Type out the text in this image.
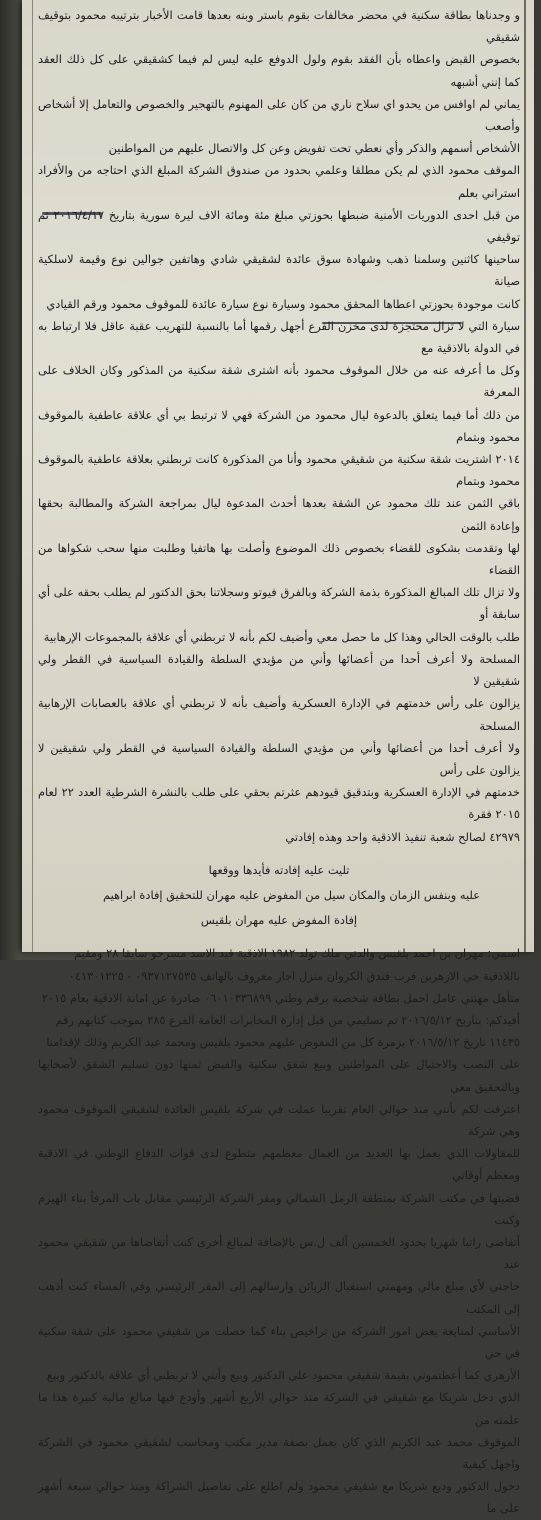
و وجدناها بطاقة سكنية في محضر مخالفات بقوم باستر وبنه بعدها قامت الأخبار بترتيبه محمود بتوقيف شقيقي

بخصوص القبض واعطاه بأن الفقد بقوم ولول الدوفع عليه ليس لم فيما كشقيقي على كل ذلك العقد كما إنني أشبهه

يماني لم اوافس من يحدو اي سلاح ناري من كان على المهنوم بالتهجير والخصوص والتعامل إلا أشخاص وأصعب

الأشخاص أسمهم والذكر وأي نعطي تحت تفويض وعن كل والاتصال عليهم من المواطنين

الموقف محمود الذي لم يكن مطلقا وعلمي بحدود من صندوق الشركة المبلغ الذي احتاجه من والأفراد استراني بعلم

من قبل احدى الدوريات الأمنية ضبطها بحوزتي مبلغ مئة ومائة الاف ليرة سورية بتاريخ ٢٠١٦/٤/١٧ ثم توقيفي

ساحينها كاثنين وسلمنا ذهب وشهادة سوق عائدة لشقيقي شادي وهاتفين جوالين نوع وقيمة لاسلكية صيانة

كانت موجودة بحوزتي اعطاها المحقق محمود وسيارة نوع سيارة عائدة للموقوف محمود ورقم القيادي

سيارة التي لا تزال محتجزة لدى مخزن الفرع أجهل رقمها أما بالنسبة للتهريب عقبة عاقل فلا ارتباط به في الدولة بالاذقية مع

وكل ما أعرفه عنه من خلال الموقوف محمود بأنه اشترى شقة سكنية من المذكور وكان الخلاف على المعرفة

من ذلك أما فيما يتعلق بالدعوة ليال محمود من الشركة فهي لا ترتبط بي أي علاقة عاطفية بالموقوف محمود وبتمام

٢٠١٤ اشتريت شقة سكنية من شقيقي محمود وأنا من المذكورة كانت تربطني بعلاقة عاطفية بالموقوف محمود وبتمام

باقي الثمن عند تلك محمود عن الشقة بعدها أحدث المدعوة ليال بمراجعة الشركة والمطالبة بحقها وإعادة الثمن

لها وتقدمت بشكوى للقضاء بخصوص ذلك الموضوع وأصلت بها هاتفيا وطلبت منها سحب شكواها من القضاء

ولا تزال تلك المبالغ المذكورة بذمة الشركة وبالفرق فيوتو وسجلاتنا بحق الدكتور لم يطلب بحقه على أي سابقة أو

طلب بالوقت الحالي وهذا كل ما حصل معي وأضيف لكم بأنه لا تربطني أي علاقة بالمجموعات الإرهابية

المسلحة ولا أعرف أحدا من أعضائها وأني من مؤيدي السلطة والقيادة السياسية في القطر ولي شقيقين لا

يزالون على رأس خدمتهم في الإدارة العسكرية وأضيف بأنه لا تربطني أي علاقة بالعصابات الإرهابية المسلحة

ولا أعرف أحدا من أعضائها وأني من مؤيدي السلطة والقيادة السياسية في القطر ولي شقيقين لا يزالون على رأس

خدمتهم في الإدارة العسكرية وبتدقيق قيودهم عثرتم بحقي على طلب بالنشرة الشرطية العدد ٢٢ لعام ٢٠١٥ فقرة

٤٢٩٧٩ لصالح شعبة تنفيذ الاذقية واحد وهذه إفادتي

تليت عليه إفادته فأيدها ووقعها

عليه وبنفس الزمان والمكان سيل من المفوض عليه مهران للتحقيق إفادة ابراهيم

إفادة المفوض عليه مهران بلقيس

اسمي: مهران بن احمد بلقيس والدتي ملك تولد ١٩٨٢ الاذقية قيد الاسد مسرحو سابقا ٢٨ ومقيم

باللاذقية حي الازهرين قرب فندق الكروان منزل اجار معروف بالهاتف ٠٩٣٧١٢٧٥٣٥ - ٠٤١٣٠١٢٢٥

متأهل مهنتي عامل احمل بطاقة شخصية برقم وطني ٠٦٠١٠٣٣٦٨٩٩ صادرة عن امانة الاذقية بعام ٢٠١٥

أفيدكم: بتاريخ ٢٠١٦/٥/١٢ تم تسليمي من قبل إدارة المخابرات العامة الفرع ٢٨٥ بموجب كتابهم رقم

١١٤٣٥ تاريخ ٢٠١٦/٥/١٢ بزمرة كل من المفوض عليهم محمود بلقيس ومحمد عبد الكريم وذلك لإقدامنا

على النصب والاحتيال على المواطنين وبيع شقق سكنية والقبض ثمنها دون تسليم الشقق لأصحابها وبالتحقيق معي

اعترفت لكم بأنني منذ حوالي العام تقريبا عملت في شركة بلقيس العائدة لشقيقي الموقوف محمود وهي شركة

للمقاولات الذي يعمل بها العديد من العمال معظمهم متطوع لدى قوات الدفاع الوطني في الاذقية ومعظم أوقاتي

قضيتها في مكتب الشركة بمنطقة الرمل الشمالي ومقر الشركة الرئيسي مقابل باب المرفأ بناء الهيرم وكنت

أتقاضى راتبا شهريا بحدود الخمسين ألف ل.س بالإضافة لمبالغ أخرى كنت أتقاضاها من شقيقي محمود عند

حاجتي لأي مبلغ مالي ومهمتي استقبال الزبائن وارسالهم إلى المقر الرئيسي وفي المساء كنت أذهب إلى المكتب

الأساسي لمتابعة بعض امور الشركة من تراخيص بناء كما حصلت من شقيقي محمود على شقة سكنية في حي

الأزهري كما أعطتموني بقيمة شقيقي محمود على الدكتور وبيع وأنني لا تربطني أي علاقة بالدكتور وبيع

الذي دخل شريكا مع شقيقي في الشركة منذ حوالي الأربع أشهر وأودع فيها مبالغ مالية كبيرة هذا ما علمته من

الموقوف محمد عبد الكريم الذي كان يعمل بصفة مدير مكتب ومحاسب لشقيقي محمود في الشركة واجهل كيفية

دخول الدكتور وديع شريكا مع شقيقي محمود ولم اطلع على تفاصيل الشراكة ومنذ حوالي سبعة أشهر على ما
